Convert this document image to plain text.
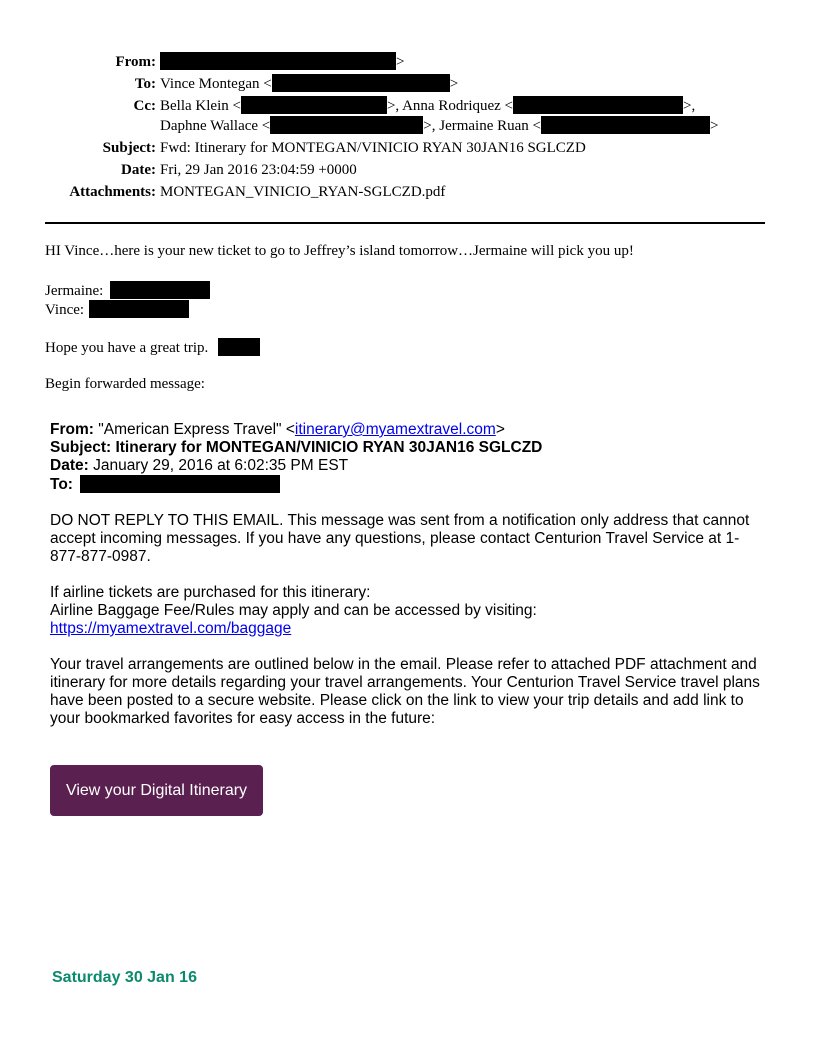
From:	>
To: Vince Montegan <	>
Cc: Bella Klein <	>, Anna Rodriquez <	>,
Daphne Wallace <	>, Jermaine Ruan <	>
Subject: Fwd: Itinerary for MONTEGAN/VINICIO RYAN 30JAN16 SGLCZD
Date: Fri, 29 Jan 2016 23:04:59 +0000
Attachments: MONTEGAN_VINICIO_RYAN-SGLCZD.pdf

HI Vince…here is your new ticket to go to Jeffrey’s island tomorrow…Jermaine will pick you up!

Jermaine:

Vince:

Hope you have a great trip.

Begin forwarded message:

From: "American Express Travel" <itinerary@myamextravel.com>

Subject: Itinerary for MONTEGAN/VINICIO RYAN 30JAN16 SGLCZD

Date: January 29, 2016 at 6:02:35 PM EST

To:

DO NOT REPLY TO THIS EMAIL. This message was sent from a notification only address that cannot accept incoming messages. If you have any questions, please contact Centurion Travel Service at 1-877-877-0987.

If airline tickets are purchased for this itinerary:

Airline Baggage Fee/Rules may apply and can be accessed by visiting:

https://myamextravel.com/baggage

Your travel arrangements are outlined below in the email. Please refer to attached PDF attachment and itinerary for more details regarding your travel arrangements. Your Centurion Travel Service travel plans have been posted to a secure website. Please click on the link to view your trip details and add link to your bookmarked favorites for easy access in the future:

View your Digital Itinerary
Saturday 30 Jan 16
